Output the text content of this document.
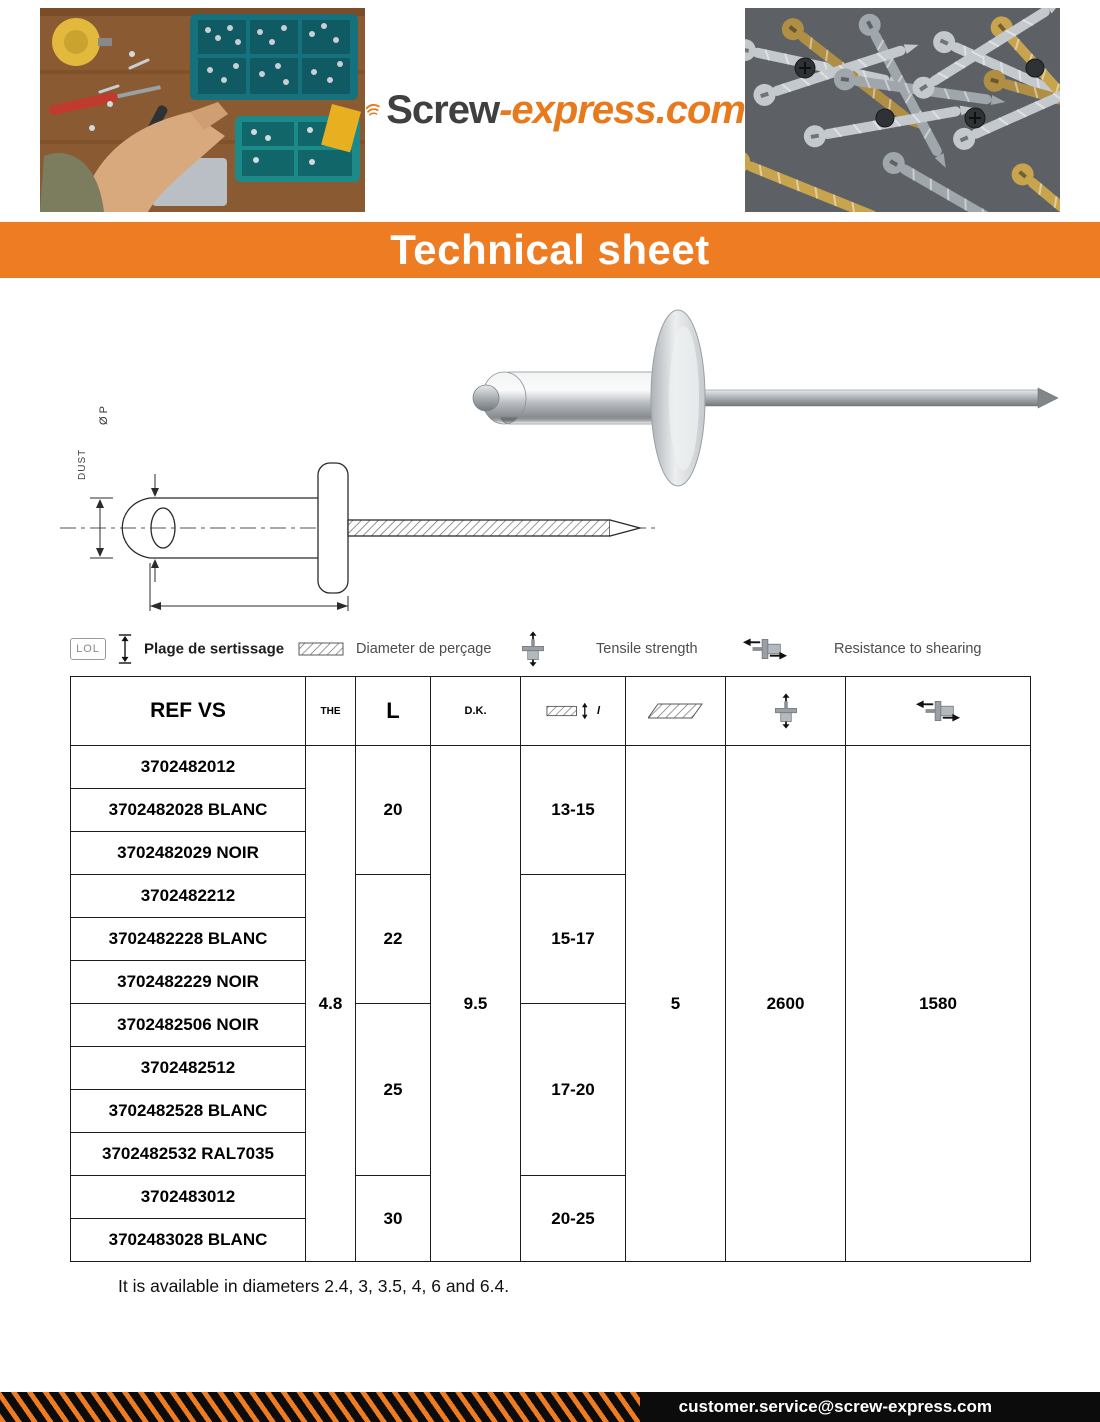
Screw-express.com
Technical sheet
Ø P
DUST
LOL	Plage de sertissage	Diameter de perçage	Tensile strength	Resistance to shearing
REF VS	THE	L	D.K.	l

3702482012	4.8	20	9.5	13-15	5	2600	1580
3702482028 BLANC							
3702482029 NOIR							
3702482212		22		15-17			
3702482228 BLANC							
3702482229 NOIR							
3702482506 NOIR		25		17-20			
3702482512							
3702482528 BLANC							
3702482532 RAL7035							
3702483012		30		20-25			
3702483028 BLANC							

It is available in diameters 2.4, 3, 3.5, 4, 6 and 6.4.

customer.service@screw-express.com
